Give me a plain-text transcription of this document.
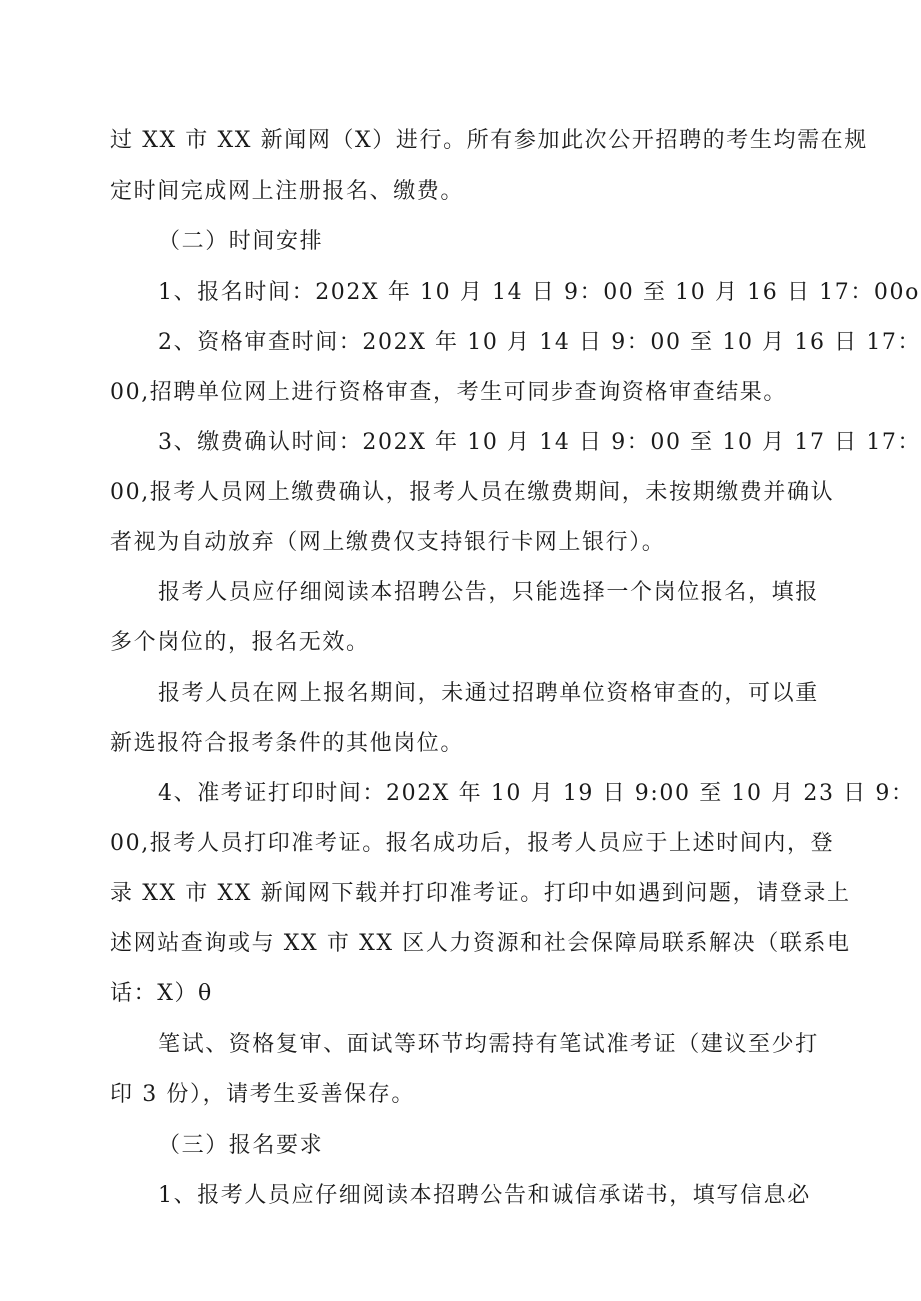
过 XX 市 XX 新闻网（X）进行。所有参加此次公开招聘的考生均需在规
定时间完成网上注册报名、缴费。
（二）时间安排
1、报名时间：202X 年 10 月 14 日 9：00 至 10 月 16 日 17：00o
2、资格审查时间：202X 年 10 月 14 日 9：00 至 10 月 16 日 17：
00,招聘单位网上进行资格审查，考生可同步查询资格审查结果。
3、缴费确认时间：202X 年 10 月 14 日 9：00 至 10 月 17 日 17：
00,报考人员网上缴费确认，报考人员在缴费期间，未按期缴费并确认
者视为自动放弃（网上缴费仅支持银行卡网上银行）。
报考人员应仔细阅读本招聘公告，只能选择一个岗位报名，填报
多个岗位的，报名无效。
报考人员在网上报名期间，未通过招聘单位资格审查的，可以重
新选报符合报考条件的其他岗位。
4、准考证打印时间：202X 年 10 月 19 日 9:00 至 10 月 23 日 9：
00,报考人员打印准考证。报名成功后，报考人员应于上述时间内，登
录 XX 市 XX 新闻网下载并打印准考证。打印中如遇到问题，请登录上
述网站查询或与 XX 市 XX 区人力资源和社会保障局联系解决（联系电
话：X）θ
笔试、资格复审、面试等环节均需持有笔试准考证（建议至少打
印 3 份），请考生妥善保存。
（三）报名要求
1、报考人员应仔细阅读本招聘公告和诚信承诺书，填写信息必
